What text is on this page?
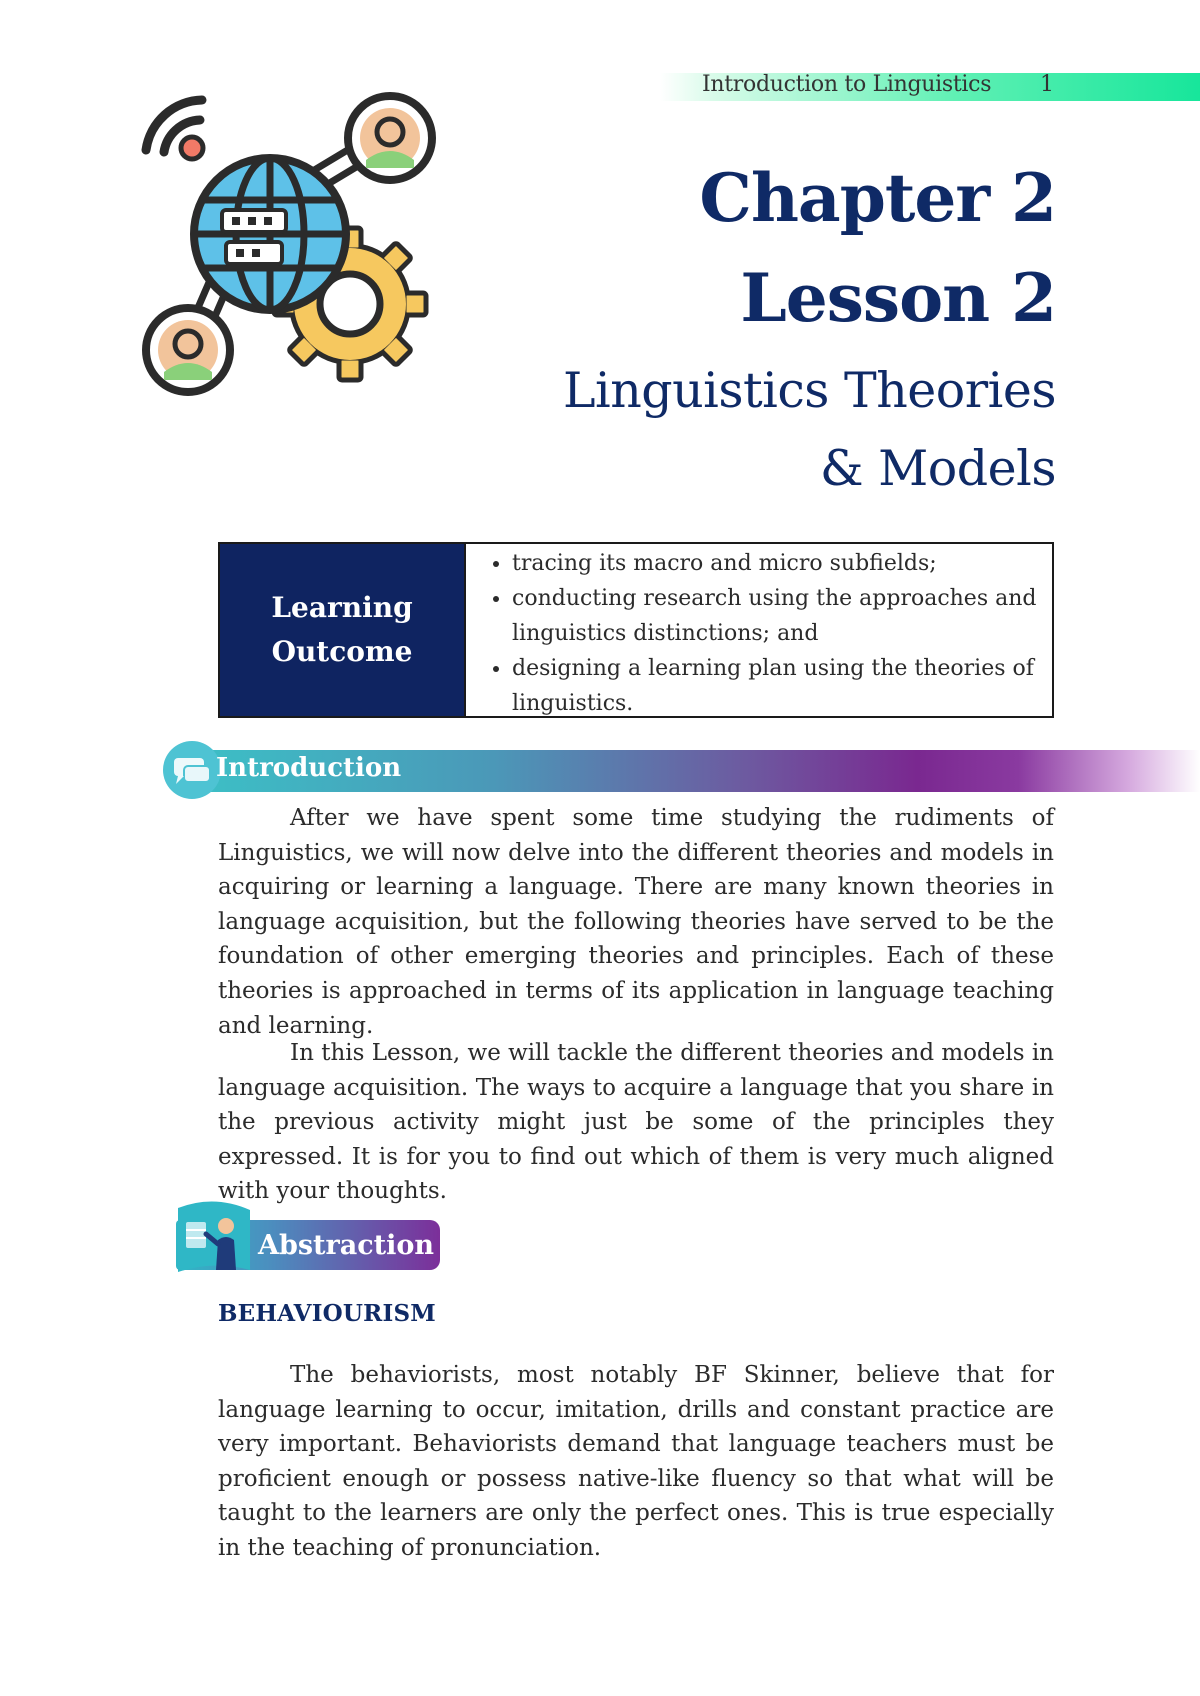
Introduction to Linguistics 1
Chapter 2
Lesson 2
Linguistics Theories
& Models
Learning
Outcome
• tracing its macro and micro subfields;
• conducting research using the approaches and linguistics distinctions; and
• designing a learning plan using the theories of linguistics.
Introduction

After we have spent some time studying the rudiments of Linguistics, we will now delve into the different theories and models in acquiring or learning a language. There are many known theories in language acquisition, but the following theories have served to be the foundation of other emerging theories and principles. Each of these theories is approached in terms of its application in language teaching and learning.

In this Lesson, we will tackle the different theories and models in language acquisition. The ways to acquire a language that you share in the previous activity might just be some of the principles they expressed. It is for you to find out which of them is very much aligned with your thoughts.

Abstraction
BEHAVIOURISM

The behaviorists, most notably BF Skinner, believe that for language learning to occur, imitation, drills and constant practice are very important. Behaviorists demand that language teachers must be proficient enough or possess native-like fluency so that what will be taught to the learners are only the perfect ones. This is true especially in the teaching of pronunciation.
